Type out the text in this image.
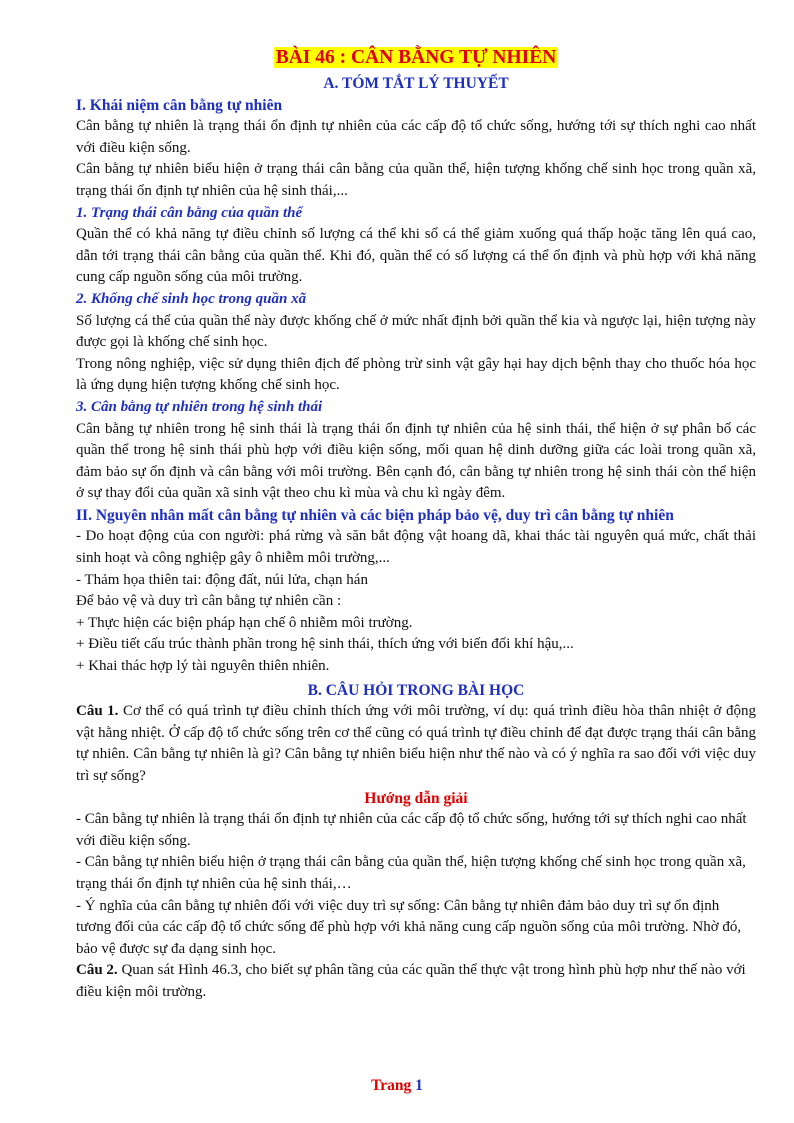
BÀI 46 : CÂN BẰNG TỰ NHIÊN
A. TÓM TẮT LÝ THUYẾT
I. Khái niệm cân bằng tự nhiên

Cân bằng tự nhiên là trạng thái ổn định tự nhiên của các cấp độ tổ chức sống, hướng tới sự thích nghi cao nhất với điều kiện sống.

Cân bằng tự nhiên biểu hiện ở trạng thái cân bằng của quần thể, hiện tượng khống chế sinh học trong quần xã, trạng thái ổn định tự nhiên của hệ sinh thái,...

1. Trạng thái cân bằng của quần thể

Quần thể có khả năng tự điều chỉnh số lượng cá thể khi số cá thể giảm xuống quá thấp hoặc tăng lên quá cao, dẫn tới trạng thái cân bằng của quần thể. Khi đó, quần thể có số lượng cá thể ổn định và phù hợp với khả năng cung cấp nguồn sống của môi trường.

2. Khống chế sinh học trong quần xã

Số lượng cá thể của quần thể này được khống chế ở mức nhất định bởi quần thể kia và ngược lại, hiện tượng này được gọi là khống chế sinh học.

Trong nông nghiệp, việc sử dụng thiên địch để phòng trừ sinh vật gây hại hay dịch bệnh thay cho thuốc hóa học là ứng dụng hiện tượng khống chế sinh học.

3. Cân bằng tự nhiên trong hệ sinh thái

Cân bằng tự nhiên trong hệ sinh thái là trạng thái ổn định tự nhiên của hệ sinh thái, thể hiện ở sự phân bố các quần thể trong hệ sinh thái phù hợp với điều kiện sống, mối quan hệ dinh dưỡng giữa các loài trong quần xã, đảm bảo sự ổn định và cân bằng với môi trường. Bên cạnh đó, cân bằng tự nhiên trong hệ sinh thái còn thể hiện ở sự thay đổi của quần xã sinh vật theo chu kì mùa và chu kì ngày đêm.

II. Nguyên nhân mất cân bằng tự nhiên và các biện pháp bảo vệ, duy trì cân bằng tự nhiên

- Do hoạt động của con người: phá rừng và săn bắt động vật hoang dã, khai thác tài nguyên quá mức, chất thải sinh hoạt và công nghiệp gây ô nhiễm môi trường,...

- Thảm họa thiên tai: động đất, núi lửa, chạn hán

Để bảo vệ và duy trì cân bằng tự nhiên cần :

+ Thực hiện các biện pháp hạn chế ô nhiễm môi trường.

+ Điều tiết cấu trúc thành phần trong hệ sinh thái, thích ứng với biến đổi khí hậu,...

+ Khai thác hợp lý tài nguyên thiên nhiên.

B. CÂU HỎI TRONG BÀI HỌC

Câu 1. Cơ thể có quá trình tự điều chỉnh thích ứng với môi trường, ví dụ: quá trình điều hòa thân nhiệt ở động vật hằng nhiệt. Ở cấp độ tổ chức sống trên cơ thể cũng có quá trình tự điều chỉnh để đạt được trạng thái cân bằng tự nhiên. Cân bằng tự nhiên là gì? Cân bằng tự nhiên biểu hiện như thế nào và có ý nghĩa ra sao đối với việc duy trì sự sống?

Hướng dẫn giải

- Cân bằng tự nhiên là trạng thái ổn định tự nhiên của các cấp độ tổ chức sống, hướng tới sự thích nghi cao nhất với điều kiện sống.

- Cân bằng tự nhiên biểu hiện ở trạng thái cân bằng của quần thể, hiện tượng khống chế sinh học trong quần xã, trạng thái ổn định tự nhiên của hệ sinh thái,…

- Ý nghĩa của cân bằng tự nhiên đối với việc duy trì sự sống: Cân bằng tự nhiên đảm bảo duy trì sự ổn định tương đối của các cấp độ tổ chức sống để phù hợp với khả năng cung cấp nguồn sống của môi trường. Nhờ đó, bảo vệ được sự đa dạng sinh học.

Câu 2. Quan sát Hình 46.3, cho biết sự phân tầng của các quần thể thực vật trong hình phù hợp như thế nào với điều kiện môi trường.

Trang 1
